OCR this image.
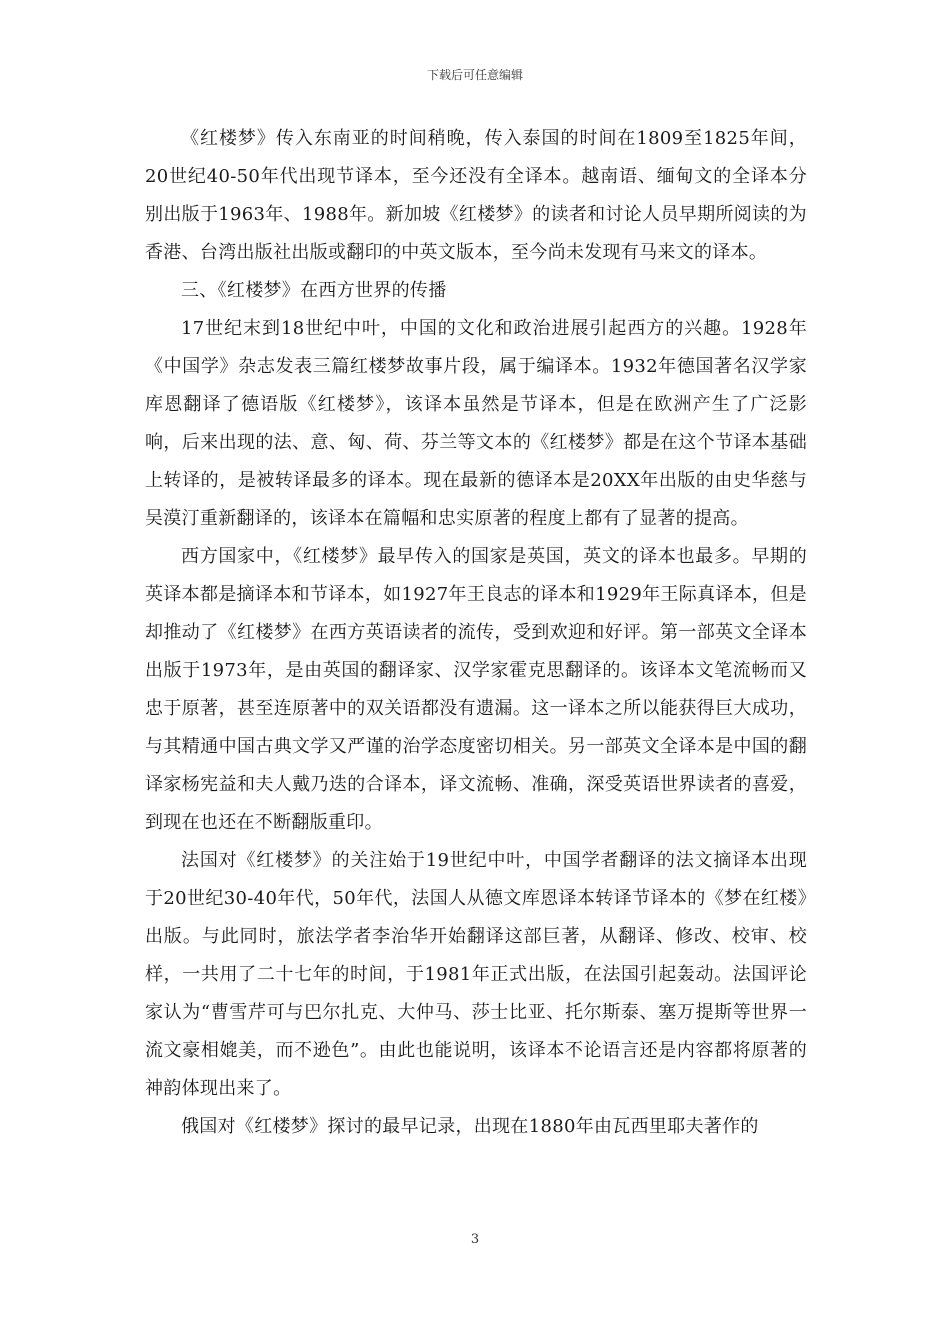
下载后可任意编辑

《红楼梦》传入东南亚的时间稍晚，传入泰国的时间在1809至1825年间，20世纪40-50年代出现节译本，至今还没有全译本。越南语、缅甸文的全译本分别出版于1963年、1988年。新加坡《红楼梦》的读者和讨论人员早期所阅读的为香港、台湾出版社出版或翻印的中英文版本，至今尚未发现有马来文的译本。

三、《红楼梦》在西方世界的传播

17世纪末到18世纪中叶，中国的文化和政治进展引起西方的兴趣。1928年《中国学》杂志发表三篇红楼梦故事片段，属于编译本。1932年德国著名汉学家库恩翻译了德语版《红楼梦》，该译本虽然是节译本，但是在欧洲产生了广泛影响，后来出现的法、意、匈、荷、芬兰等文本的《红楼梦》都是在这个节译本基础上转译的，是被转译最多的译本。现在最新的德译本是20XX年出版的由史华慈与吴漠汀重新翻译的，该译本在篇幅和忠实原著的程度上都有了显著的提高。

西方国家中，《红楼梦》最早传入的国家是英国，英文的译本也最多。早期的英译本都是摘译本和节译本，如1927年王良志的译本和1929年王际真译本，但是却推动了《红楼梦》在西方英语读者的流传，受到欢迎和好评。第一部英文全译本出版于1973年，是由英国的翻译家、汉学家霍克思翻译的。该译本文笔流畅而又忠于原著，甚至连原著中的双关语都没有遗漏。这一译本之所以能获得巨大成功，与其精通中国古典文学又严谨的治学态度密切相关。另一部英文全译本是中国的翻译家杨宪益和夫人戴乃迭的合译本，译文流畅、准确，深受英语世界读者的喜爱，到现在也还在不断翻版重印。

法国对《红楼梦》的关注始于19世纪中叶，中国学者翻译的法文摘译本出现于20世纪30-40年代，50年代，法国人从德文库恩译本转译节译本的《梦在红楼》出版。与此同时，旅法学者李治华开始翻译这部巨著，从翻译、修改、校审、校样，一共用了二十七年的时间，于1981年正式出版，在法国引起轰动。法国评论家认为“曹雪芹可与巴尔扎克、大仲马、莎士比亚、托尔斯泰、塞万提斯等世界一流文豪相媲美，而不逊色”。由此也能说明，该译本不论语言还是内容都将原著的神韵体现出来了。

俄国对《红楼梦》探讨的最早记录，出现在1880年由瓦西里耶夫著作的

3
